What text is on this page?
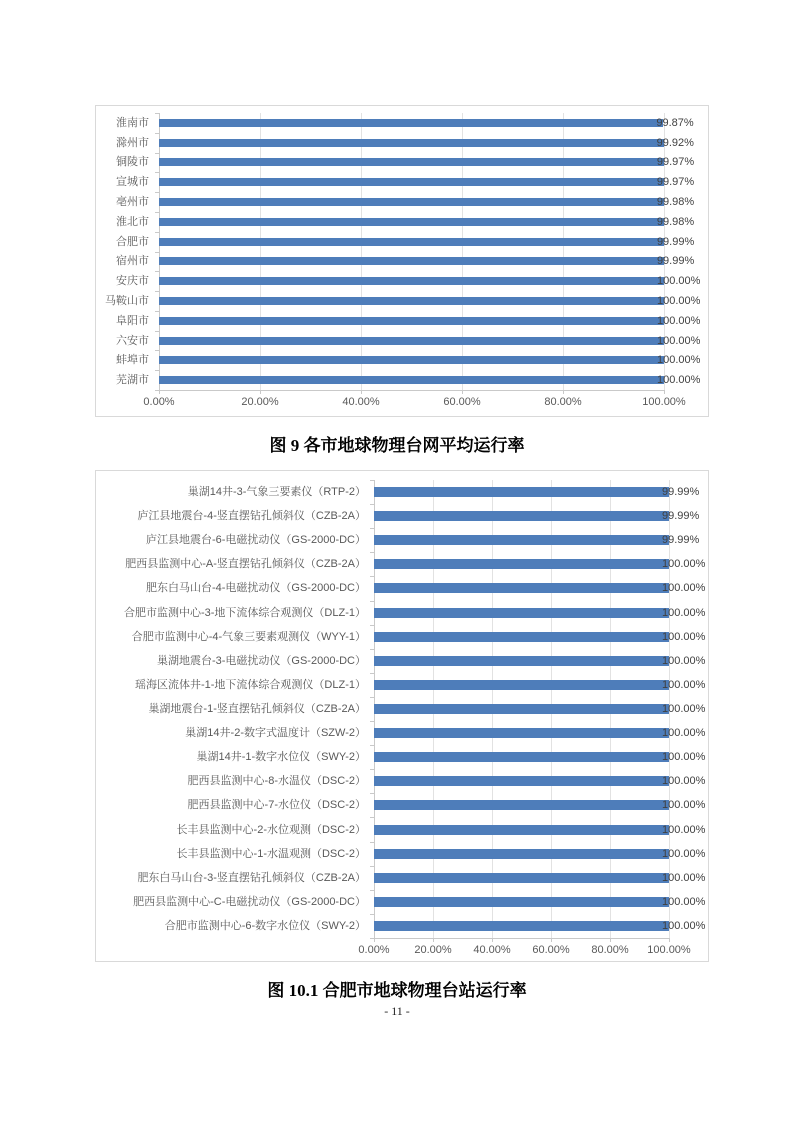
淮南市	99.87%
滁州市	99.92%
铜陵市	99.97%
宣城市	99.97%
亳州市	99.98%
淮北市	99.98%
合肥市	99.99%
宿州市	99.99%
安庆市	100.00%
马鞍山市	100.00%
阜阳市	100.00%
六安市	100.00%
蚌埠市	100.00%
芜湖市	100.00%
0.00%	20.00%	40.00%	60.00%	80.00%	100.00%
图 9 各市地球物理台网平均运行率
巢湖14井-3-气象三要素仪（RTP-2）	99.99%
庐江县地震台-4-竖直摆钻孔倾斜仪（CZB-2A）	99.99%
庐江县地震台-6-电磁扰动仪（GS-2000-DC）	99.99%
肥西县监测中心-A-竖直摆钻孔倾斜仪（CZB-2A）	100.00%
肥东白马山台-4-电磁扰动仪（GS-2000-DC）	100.00%
合肥市监测中心-3-地下流体综合观测仪（DLZ-1）	100.00%
合肥市监测中心-4-气象三要素观测仪（WYY-1）	100.00%
巢湖地震台-3-电磁扰动仪（GS-2000-DC）	100.00%
瑶海区流体井-1-地下流体综合观测仪（DLZ-1）	100.00%
巢湖地震台-1-竖直摆钻孔倾斜仪（CZB-2A）	100.00%
巢湖14井-2-数字式温度计（SZW-2）	100.00%
巢湖14井-1-数字水位仪（SWY-2）	100.00%
肥西县监测中心-8-水温仪（DSC-2）	100.00%
肥西县监测中心-7-水位仪（DSC-2）	100.00%
长丰县监测中心-2-水位观测（DSC-2）	100.00%
长丰县监测中心-1-水温观测（DSC-2）	100.00%
肥东白马山台-3-竖直摆钻孔倾斜仪（CZB-2A）	100.00%
肥西县监测中心-C-电磁扰动仪（GS-2000-DC）	100.00%
合肥市监测中心-6-数字水位仪（SWY-2）	100.00%
0.00% 20.00% 40.00% 60.00% 80.00% 100.00%
图 10.1 合肥市地球物理台站运行率
- 11 -
